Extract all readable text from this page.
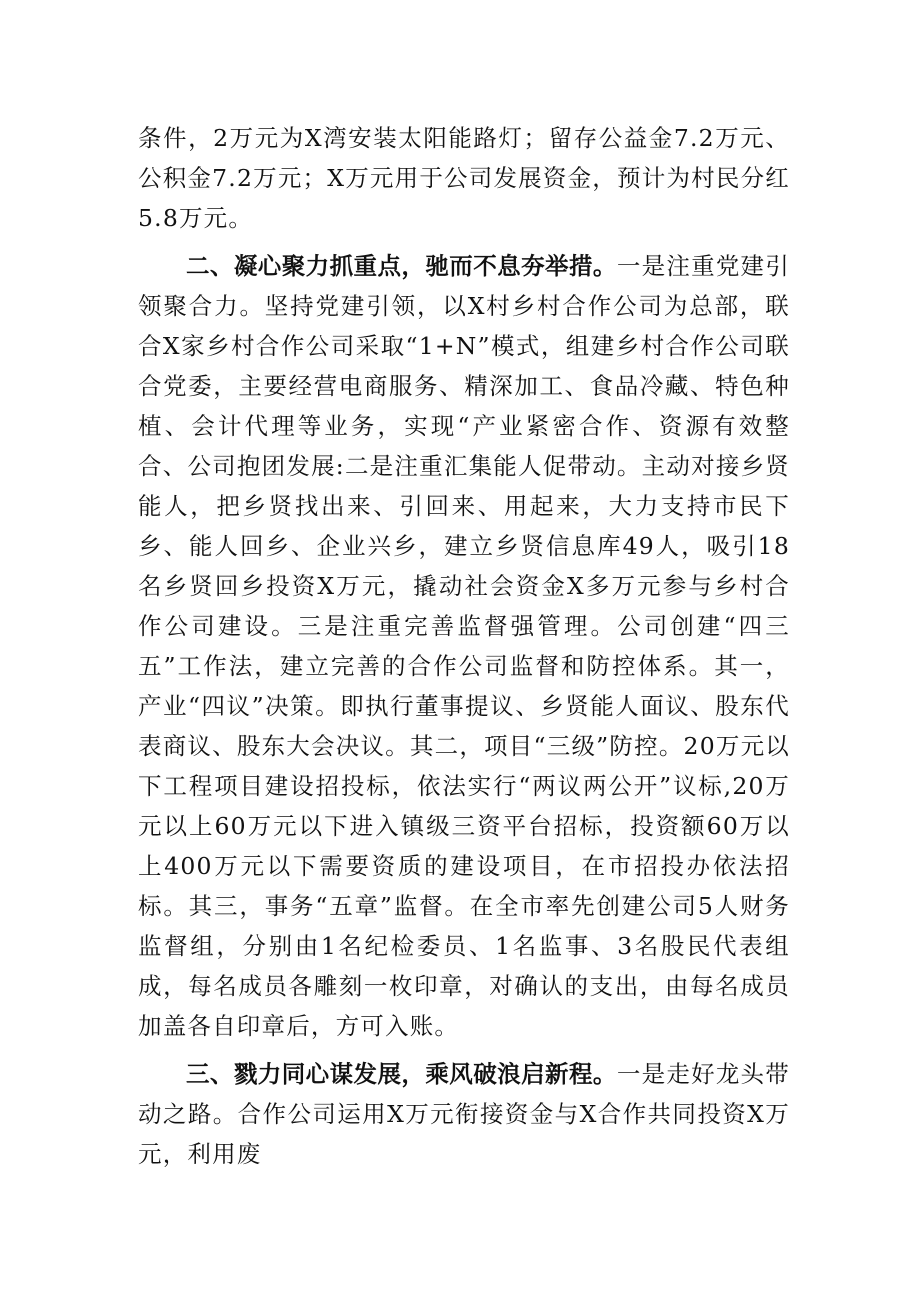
条件，2万元为X湾安装太阳能路灯；留存公益金7.2万元、公积金7.2万元；X万元用于公司发展资金，预计为村民分红5.8万元。

二、凝心聚力抓重点，驰而不息夯举措。一是注重党建引领聚合力。坚持党建引领，以X村乡村合作公司为总部，联合X家乡村合作公司采取“1+N”模式，组建乡村合作公司联合党委，主要经营电商服务、精深加工、食品冷藏、特色种植、会计代理等业务，实现“产业紧密合作、资源有效整合、公司抱团发展:二是注重汇集能人促带动。主动对接乡贤能人，把乡贤找出来、引回来、用起来，大力支持市民下乡、能人回乡、企业兴乡，建立乡贤信息库49人，吸引18名乡贤回乡投资X万元，撬动社会资金X多万元参与乡村合作公司建设。三是注重完善监督强管理。公司创建“四三五”工作法，建立完善的合作公司监督和防控体系。其一，产业“四议”决策。即执行董事提议、乡贤能人面议、股东代表商议、股东大会决议。其二，项目“三级”防控。20万元以下工程项目建设招投标，依法实行“两议两公开”议标,20万元以上60万元以下进入镇级三资平台招标，投资额60万以上400万元以下需要资质的建设项目，在市招投办依法招标。其三，事务“五章”监督。在全市率先创建公司5人财务监督组，分别由1名纪检委员、1名监事、3名股民代表组成，每名成员各雕刻一枚印章，对确认的支出，由每名成员加盖各自印章后，方可入账。

三、戮力同心谋发展，乘风破浪启新程。一是走好龙头带动之路。合作公司运用X万元衔接资金与X合作共同投资X万元，利用废
